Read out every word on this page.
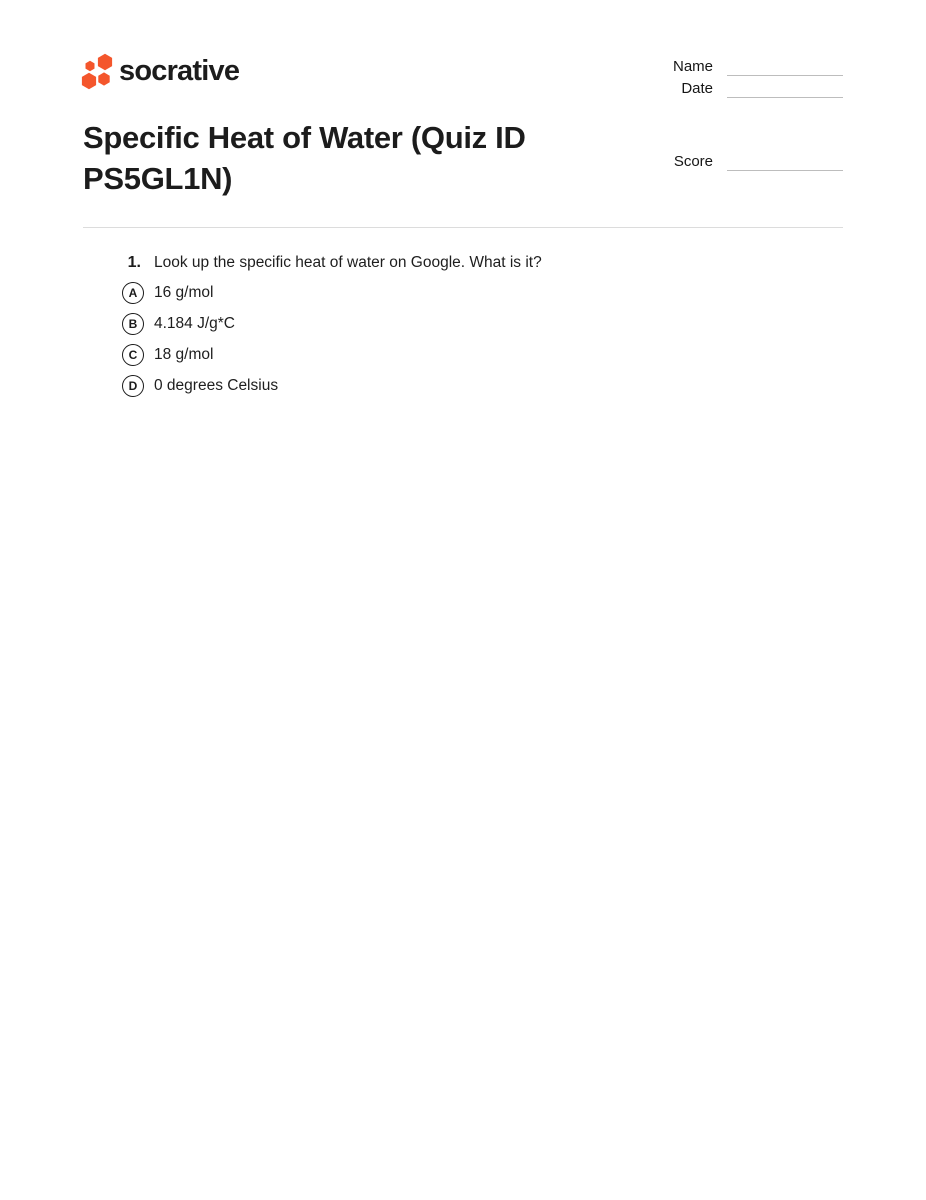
socrative	Name
Date
Score
Specific Heat of Water (Quiz ID PS5GL1N)
1. Look up the specific heat of water on Google. What is it?
A	16 g/mol
B	4.184 J/g*C
C	18 g/mol
D	0 degrees Celsius
